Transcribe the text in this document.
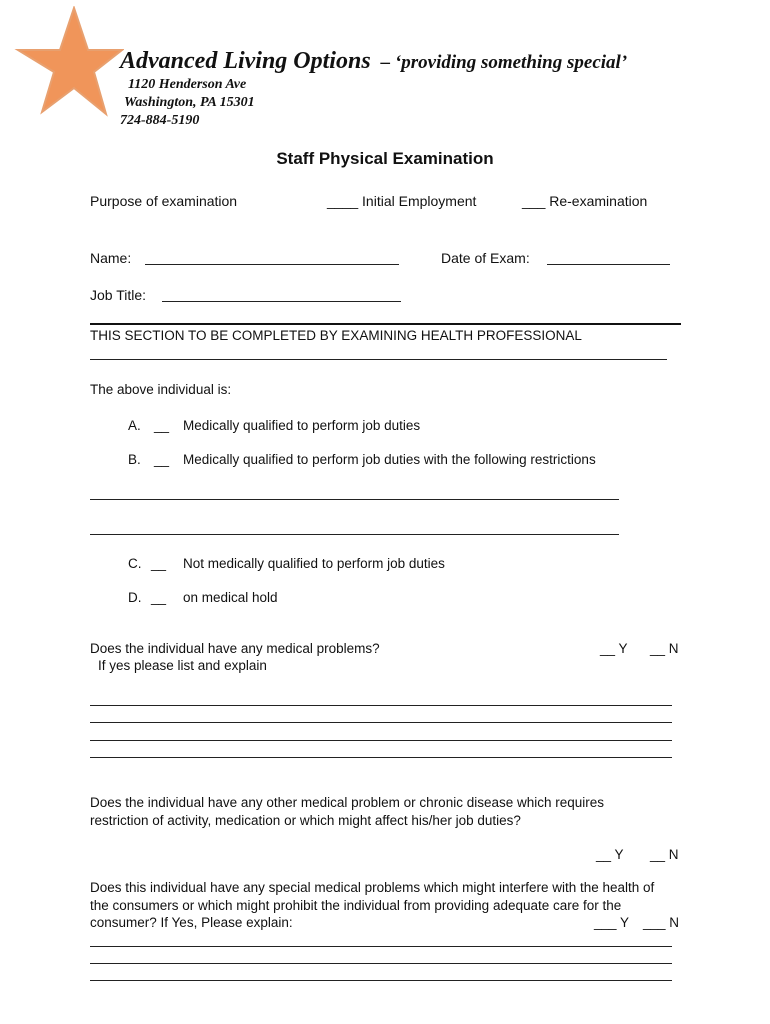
Advanced Living Options – ‘providing something special’
1120 Henderson Ave
Washington, PA 15301
724-884-5190
Staff Physical Examination
Purpose of examination	____ Initial Employment	___ Re-examination
Name:	Date of Exam:
Job Title:
THIS SECTION TO BE COMPLETED BY EXAMINING HEALTH PROFESSIONAL
The above individual is:
A. __ Medically qualified to perform job duties
B. __ Medically qualified to perform job duties with the following restrictions
C. __ Not medically qualified to perform job duties
D. __ on medical hold
Does the individual have any medical problems?
If yes please list and explain
__ Y __ N
Does the individual have any other medical problem or chronic disease which requires
restriction of activity, medication or which might affect his/her job duties?
__ Y __ N
Does this individual have any special medical problems which might interfere with the health of
the consumers or which might prohibit the individual from providing adequate care for the
consumer? If Yes, Please explain:	___ Y ___ N
